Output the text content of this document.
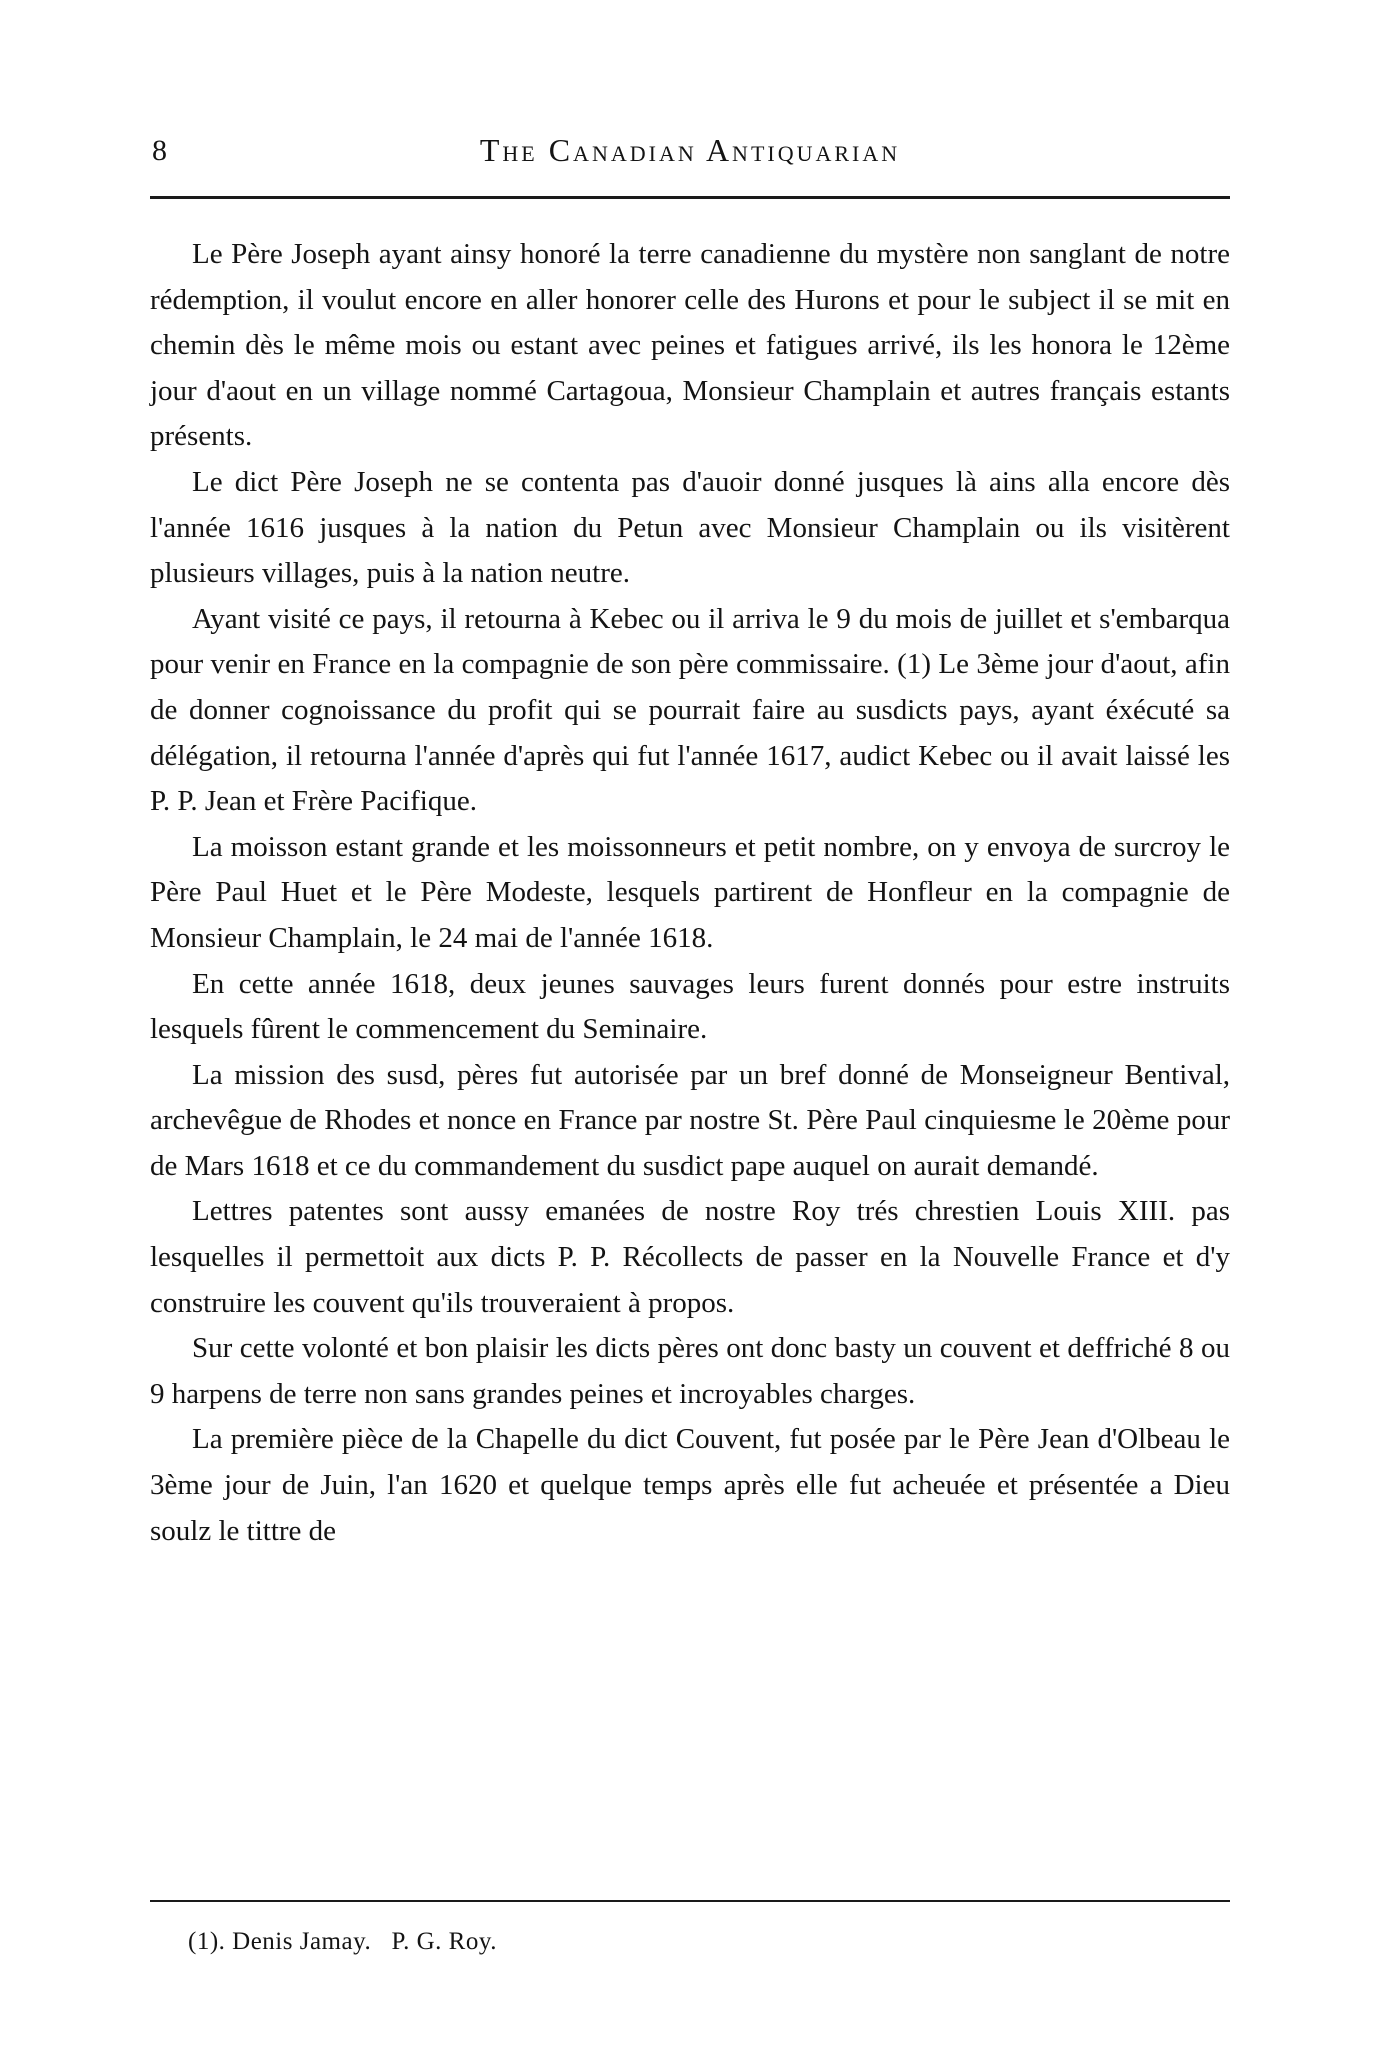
8	The Canadian Antiquarian

Le Père Joseph ayant ainsy honoré la terre canadienne du mystère non sanglant de notre rédemption, il voulut encore en aller honorer celle des Hurons et pour le subject il se mit en chemin dès le même mois ou estant avec peines et fatigues arrivé, ils les honora le 12ème jour d'aout en un village nommé Cartagoua, Monsieur Champlain et autres français estants présents.

Le dict Père Joseph ne se contenta pas d'auoir donné jusques là ains alla encore dès l'année 1616 jusques à la nation du Petun avec Monsieur Champlain ou ils visitèrent plusieurs villages, puis à la nation neutre.

Ayant visité ce pays, il retourna à Kebec ou il arriva le 9 du mois de juillet et s'embarqua pour venir en France en la compagnie de son père commissaire. (1) Le 3ème jour d'aout, afin de donner cognoissance du profit qui se pourrait faire au susdicts pays, ayant éxécuté sa délégation, il retourna l'année d'après qui fut l'année 1617, audict Kebec ou il avait laissé les P. P. Jean et Frère Pacifique.

La moisson estant grande et les moissonneurs et petit nombre, on y envoya de surcroy le Père Paul Huet et le Père Modeste, lesquels partirent de Honfleur en la compagnie de Monsieur Champlain, le 24 mai de l'année 1618.

En cette année 1618, deux jeunes sauvages leurs furent donnés pour estre instruits lesquels fûrent le commencement du Seminaire.

La mission des susd, pères fut autorisée par un bref donné de Monseigneur Bentival, archevêgue de Rhodes et nonce en France par nostre St. Père Paul cinquiesme le 20ème pour de Mars 1618 et ce du commandement du susdict pape auquel on aurait demandé.

Lettres patentes sont aussy emanées de nostre Roy trés chrestien Louis XIII. pas lesquelles il permettoit aux dicts P. P. Récollects de passer en la Nouvelle France et d'y construire les couvent qu'ils trouveraient à propos.

Sur cette volonté et bon plaisir les dicts pères ont donc basty un couvent et deffriché 8 ou 9 harpens de terre non sans grandes peines et incroyables charges.

La première pièce de la Chapelle du dict Couvent, fut posée par le Père Jean d'Olbeau le 3ème jour de Juin, l'an 1620 et quelque temps après elle fut acheuée et présentée a Dieu soulz le tittre de

(1). Denis Jamay.   P. G. Roy.
